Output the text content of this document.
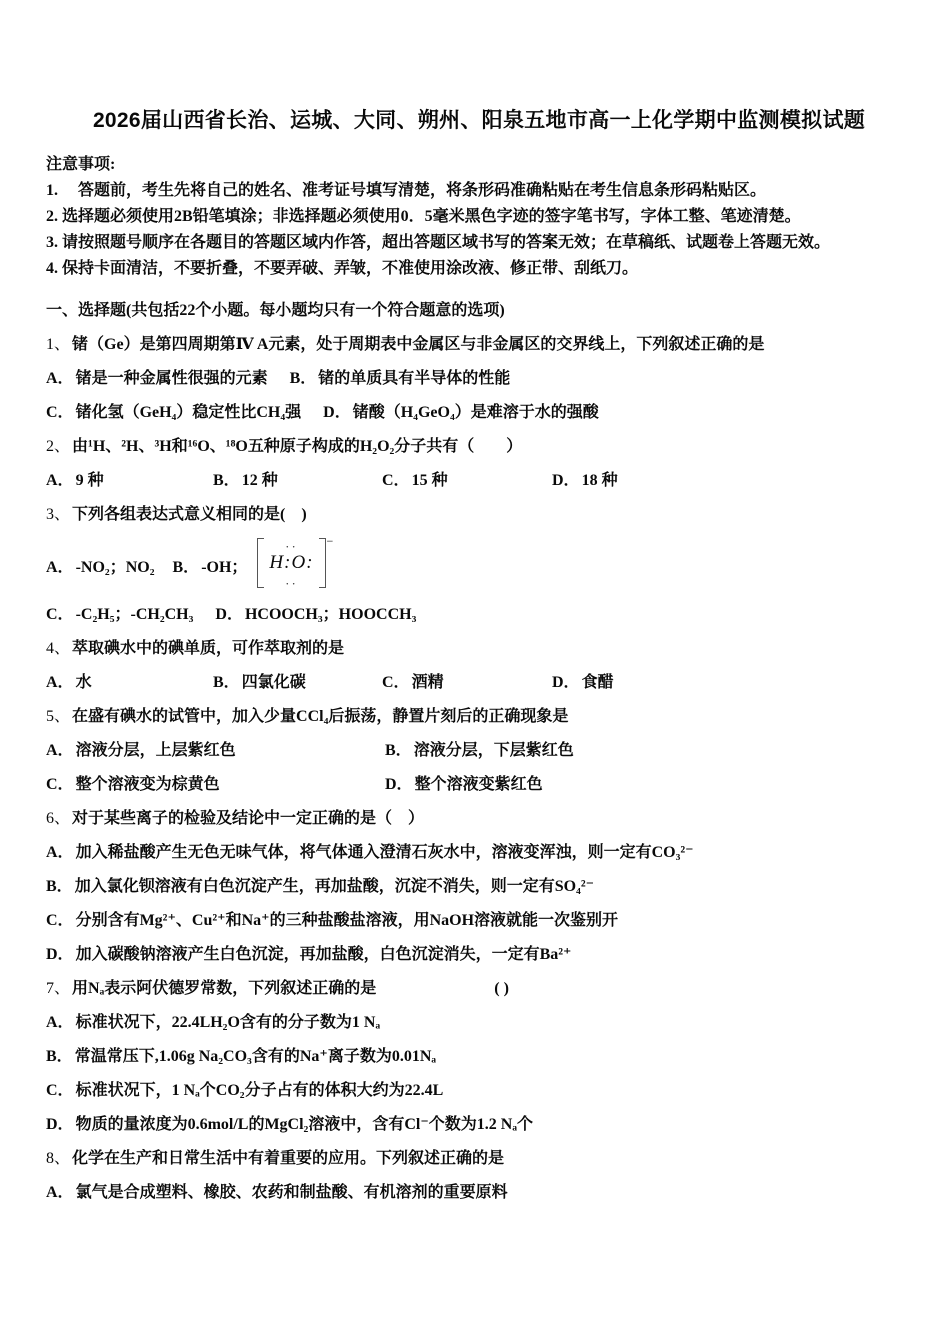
2026届山西省长治、运城、大同、朔州、阳泉五地市高一上化学期中监测模拟试题
注意事项:
1.　 答题前，考生先将自己的姓名、准考证号填写清楚，将条形码准确粘贴在考生信息条形码粘贴区。
2. 选择题必须使用2B铅笔填涂；非选择题必须使用0．5毫米黑色字迹的签字笔书写，字体工整、笔迹清楚。
3. 请按照题号顺序在各题目的答题区域内作答，超出答题区域书写的答案无效；在草稿纸、试题卷上答题无效。
4. 保持卡面清洁，不要折叠，不要弄破、弄皱，不准使用涂改液、修正带、刮纸刀。
一、选择题(共包括22个小题。每小题均只有一个符合题意的选项)
1、 锗（Ge）是第四周期第Ⅳ A元素，处于周期表中金属区与非金属区的交界线上，下列叙述正确的是
A． 锗是一种金属性很强的元素 B． 锗的单质具有半导体的性能
C． 锗化氢（GeH₄）稳定性比CH₄强 D． 锗酸（H₄GeO₄）是难溶于水的强酸
2、 由¹H、²H、³H和¹⁶O、¹⁸O五种原子构成的H₂O₂分子共有（　　）
A． 9 种	B． 12 种	C． 15 种	D． 18 种
3、 下列各组表达式意义相同的是(　)
A． -NO₂；NO₂ B． -OH；
··
H:O:
··
−
C． -C₂H₅；-CH₂CH₃ D． HCOOCH₃；HOOCCH₃
4、 萃取碘水中的碘单质，可作萃取剂的是
A． 水	B． 四氯化碳	C． 酒精	D． 食醋
5、 在盛有碘水的试管中，加入少量CCl₄后振荡，静置片刻后的正确现象是
A． 溶液分层，上层紫红色	B． 溶液分层，下层紫红色
C． 整个溶液变为棕黄色	D． 整个溶液变紫红色
6、 对于某些离子的检验及结论中一定正确的是（　）
A． 加入稀盐酸产生无色无味气体，将气体通入澄清石灰水中，溶液变浑浊，则一定有CO₃²⁻
B． 加入氯化钡溶液有白色沉淀产生，再加盐酸，沉淀不消失，则一定有SO₄²⁻
C． 分别含有Mg²⁺、Cu²⁺和Na⁺的三种盐酸盐溶液，用NaOH溶液就能一次鉴别开
D． 加入碳酸钠溶液产生白色沉淀，再加盐酸，白色沉淀消失，一定有Ba²⁺
7、 用Nₐ表示阿伏德罗常数，下列叙述正确的是	( )
A． 标准状况下，22.4LH₂O含有的分子数为1 Nₐ
B． 常温常压下,1.06g Na₂CO₃含有的Na⁺离子数为0.01Nₐ
C． 标准状况下，1 Nₐ个CO₂分子占有的体积大约为22.4L
D． 物质的量浓度为0.6mol/L的MgCl₂溶液中，含有Cl⁻个数为1.2 Nₐ个
8、 化学在生产和日常生活中有着重要的应用。下列叙述正确的是
A． 氯气是合成塑料、橡胶、农药和制盐酸、有机溶剂的重要原料
